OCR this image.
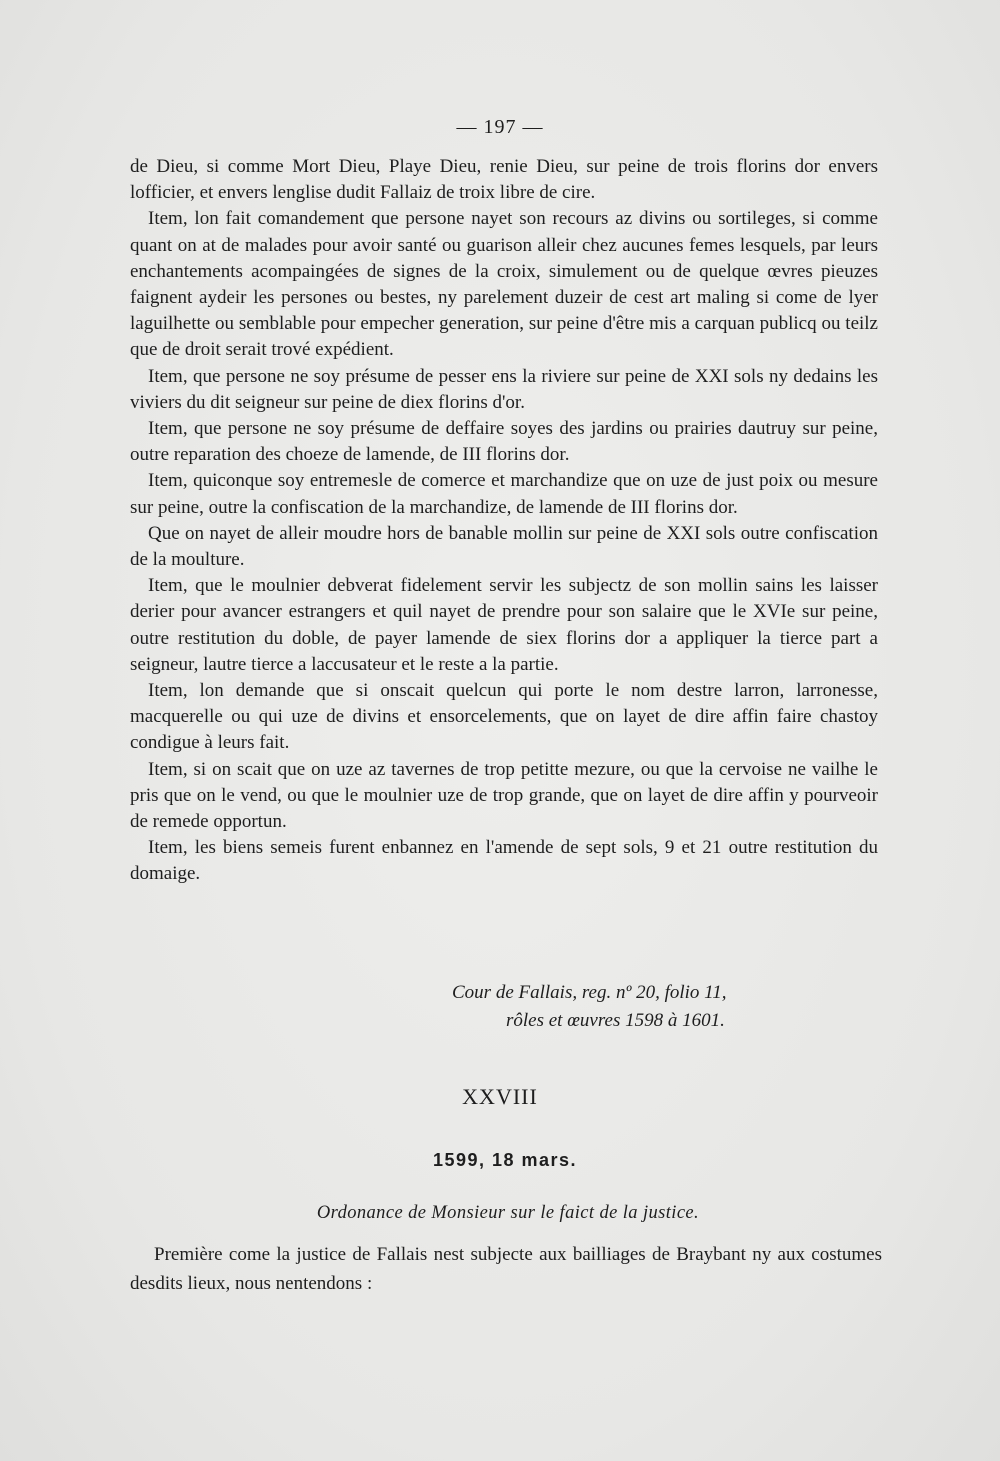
— 197 —

de Dieu, si comme Mort Dieu, Playe Dieu, renie Dieu, sur peine de trois florins dor envers lofficier, et envers lenglise dudit Fallaiz de troix libre de cire.

Item, lon fait comandement que persone nayet son recours az divins ou sortileges, si comme quant on at de malades pour avoir santé ou guarison alleir chez aucunes femes lesquels, par leurs enchantements acompaingées de signes de la croix, simulement ou de quelque œvres pieuzes faignent aydeir les persones ou bestes, ny parelement duzeir de cest art maling si come de lyer laguilhette ou semblable pour empecher generation, sur peine d'être mis a carquan publicq ou teilz que de droit serait trové expédient.

Item, que persone ne soy présume de pesser ens la riviere sur peine de XXI sols ny dedains les viviers du dit seigneur sur peine de diex florins d'or.

Item, que persone ne soy présume de deffaire soyes des jardins ou prairies dautruy sur peine, outre reparation des choeze de lamende, de III florins dor.

Item, quiconque soy entremesle de comerce et marchandize que on uze de just poix ou mesure sur peine, outre la confiscation de la marchandize, de lamende de III florins dor.

Que on nayet de alleir moudre hors de banable mollin sur peine de XXI sols outre confiscation de la moulture.

Item, que le moulnier debverat fidelement servir les subjectz de son mollin sains les laisser derier pour avancer estrangers et quil nayet de prendre pour son salaire que le XVIe sur peine, outre restitution du doble, de payer lamende de siex florins dor a appliquer la tierce part a seigneur, lautre tierce a laccusateur et le reste a la partie.

Item, lon demande que si onscait quelcun qui porte le nom destre larron, larronesse, macquerelle ou qui uze de divins et ensorcelements, que on layet de dire affin faire chastoy condigue à leurs fait.

Item, si on scait que on uze az tavernes de trop petitte mezure, ou que la cervoise ne vailhe le pris que on le vend, ou que le moulnier uze de trop grande, que on layet de dire affin y pourveoir de remede opportun.

Item, les biens semeis furent enbannez en l'amende de sept sols, 9 et 21 outre restitution du domaige.

Cour de Fallais, reg. nº 20, folio 11,
rôles et œuvres 1598 à 1601.
XXVIII
1599, 18 mars.
Ordonance de Monsieur sur le faict de la justice.

Première come la justice de Fallais nest subjecte aux bailliages de Braybant ny aux costumes desdits lieux, nous nentendons :
